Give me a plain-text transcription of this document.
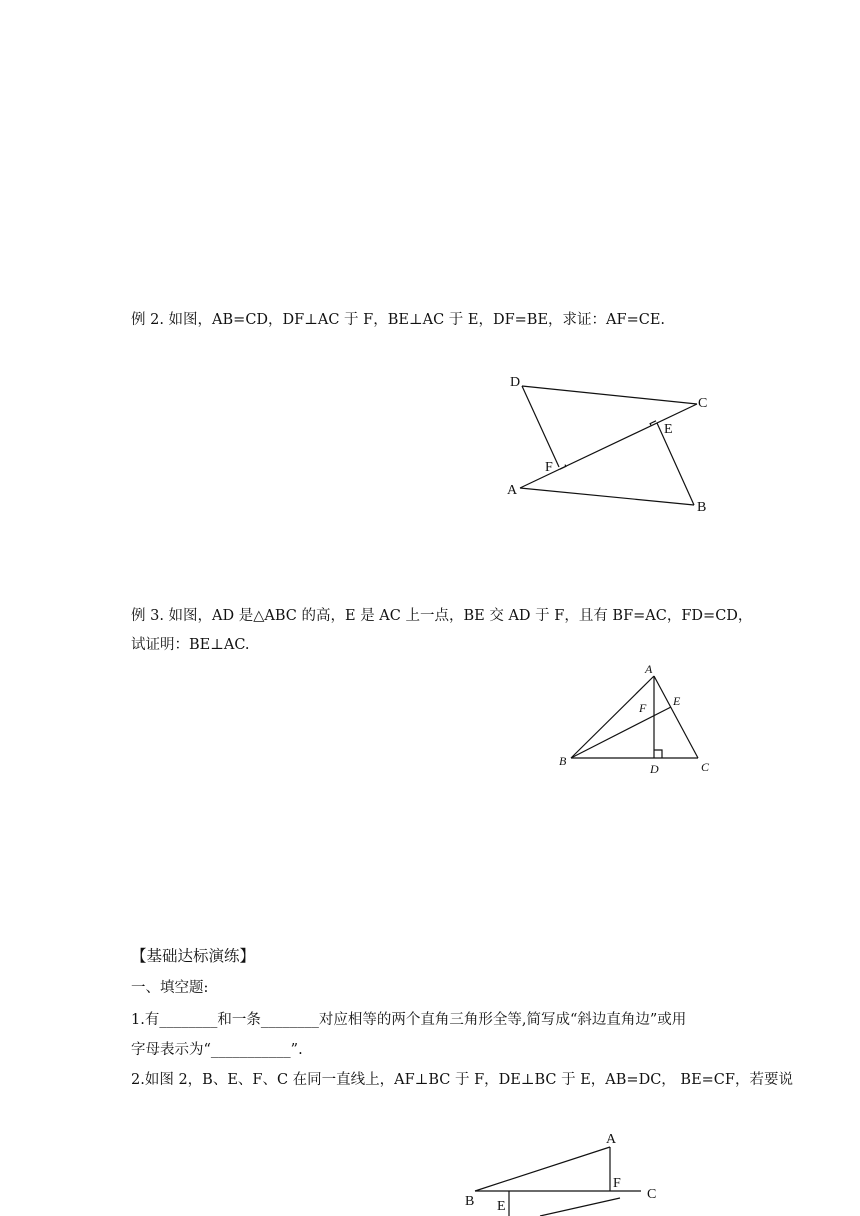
例 2. 如图，AB=CD，DF⊥AC 于 F，BE⊥AC 于 E，DF=BE，求证：AF=CE.
D
C
E
F
A
B
例 3. 如图，AD 是△ABC 的高，E 是 AC 上一点，BE 交 AD 于 F，且有 BF=AC，FD=CD，
试证明：BE⊥AC.
A
E
F
B
D	C
【基础达标演练】
一、填空题:
1.有________和一条________对应相等的两个直角三角形全等,简写成“斜边直角边”或用
字母表示为“___________”.
2.如图 2，B、E、F、C 在同一直线上，AF⊥BC 于 F，DE⊥BC 于 E，AB=DC， BE=CF，若要说
A
F
C
B E
